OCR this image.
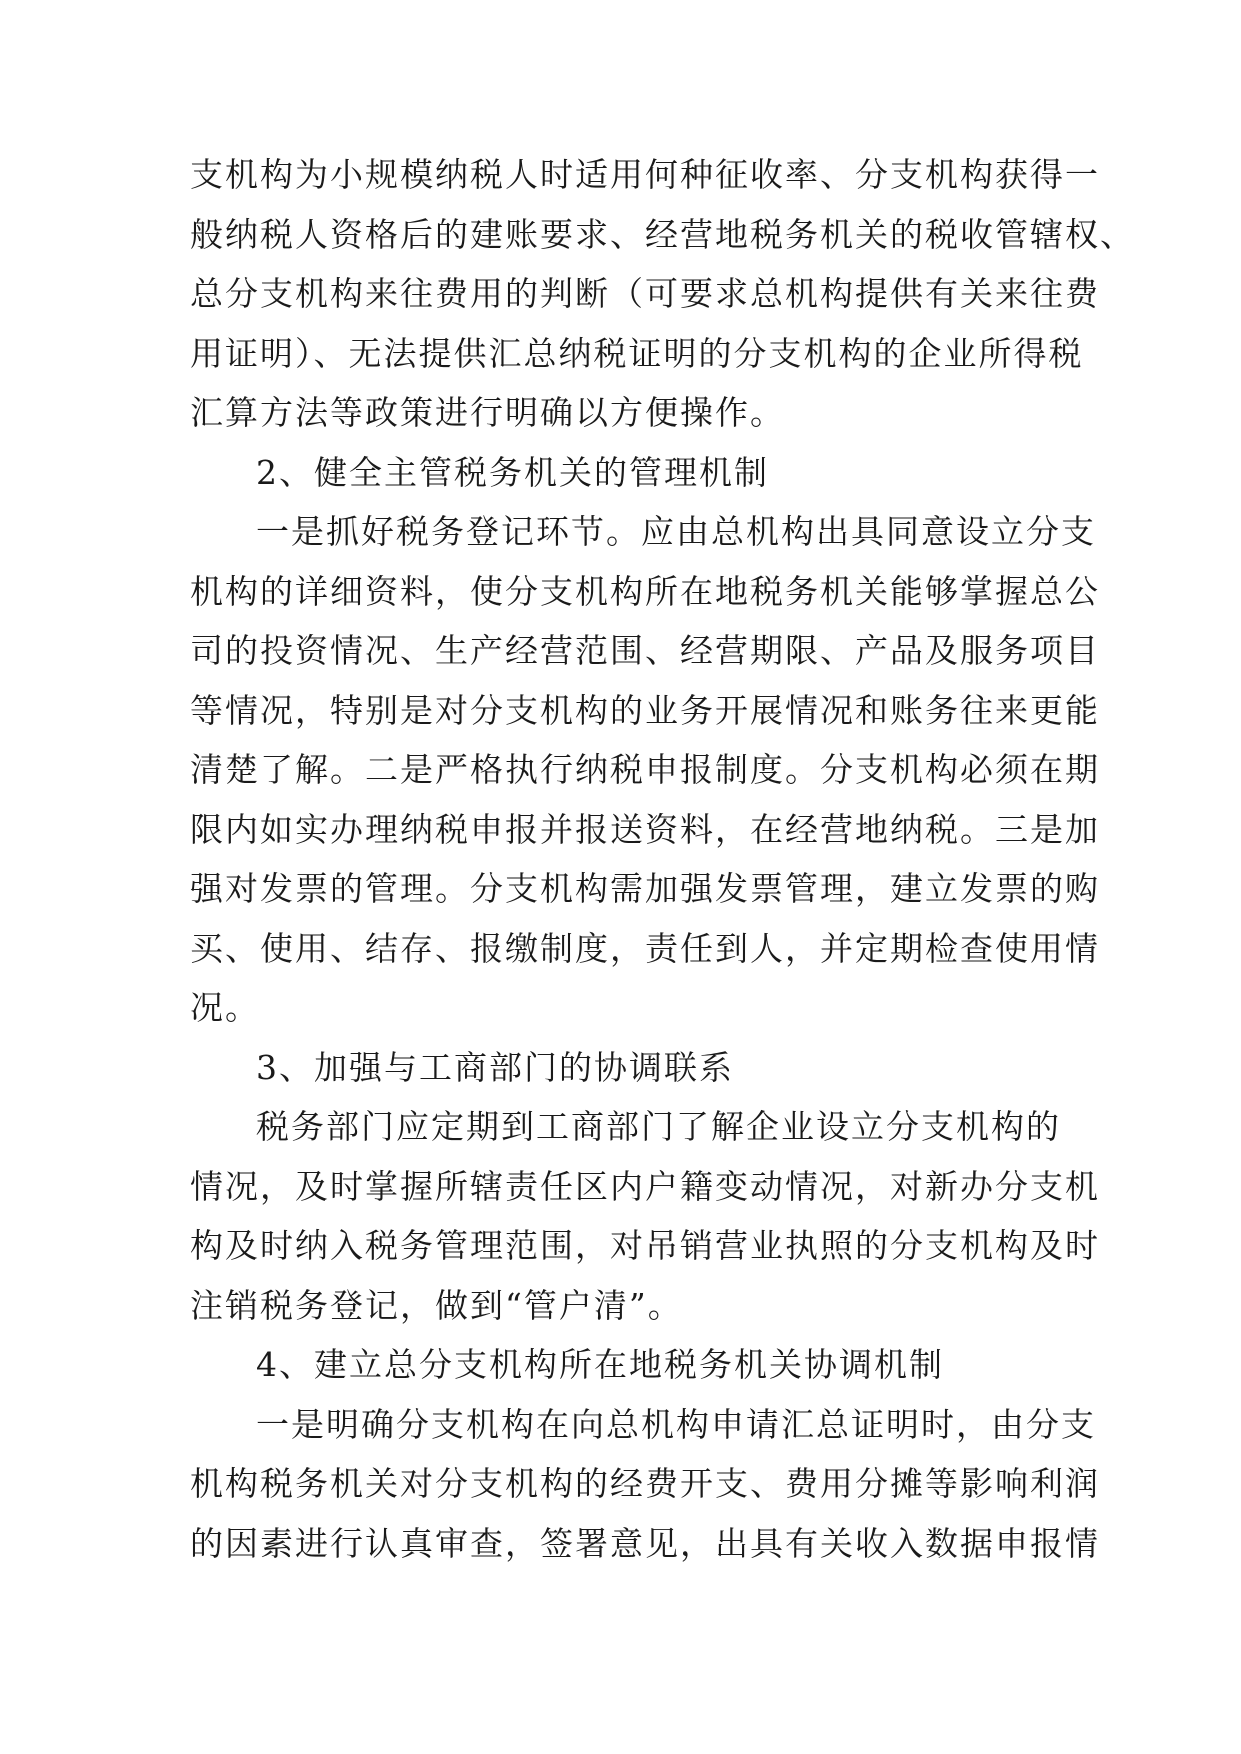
支机构为小规模纳税人时适用何种征收率、分支机构获得一
般纳税人资格后的建账要求、经营地税务机关的税收管辖权、
总分支机构来往费用的判断（可要求总机构提供有关来往费
用证明）、无法提供汇总纳税证明的分支机构的企业所得税
汇算方法等政策进行明确以方便操作。
2、健全主管税务机关的管理机制
一是抓好税务登记环节。应由总机构出具同意设立分支
机构的详细资料，使分支机构所在地税务机关能够掌握总公
司的投资情况、生产经营范围、经营期限、产品及服务项目
等情况，特别是对分支机构的业务开展情况和账务往来更能
清楚了解。二是严格执行纳税申报制度。分支机构必须在期
限内如实办理纳税申报并报送资料，在经营地纳税。三是加
强对发票的管理。分支机构需加强发票管理，建立发票的购
买、使用、结存、报缴制度，责任到人，并定期检查使用情
况。
3、加强与工商部门的协调联系
税务部门应定期到工商部门了解企业设立分支机构的
情况，及时掌握所辖责任区内户籍变动情况，对新办分支机
构及时纳入税务管理范围，对吊销营业执照的分支机构及时
注销税务登记，做到“管户清”。
4、建立总分支机构所在地税务机关协调机制
一是明确分支机构在向总机构申请汇总证明时，由分支
机构税务机关对分支机构的经费开支、费用分摊等影响利润
的因素进行认真审查，签署意见，出具有关收入数据申报情
